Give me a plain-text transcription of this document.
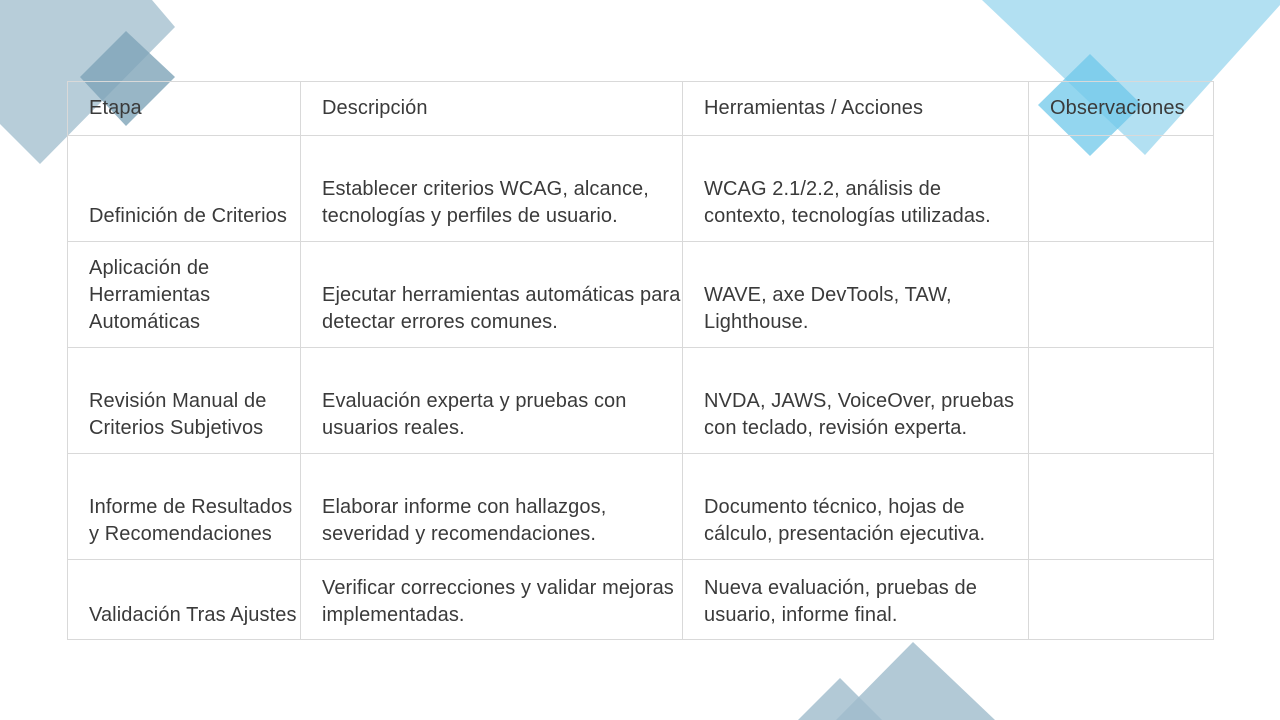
Etapa	Descripción	Herramientas / Acciones	Observaciones
Definición de Criterios	Establecer criterios WCAG, alcance, tecnologías y perfiles de usuario.	WCAG 2.1/2.2, análisis de contexto, tecnologías utilizadas.	
Aplicación de Herramientas Automáticas	Ejecutar herramientas automáticas para detectar errores comunes.	WAVE, axe DevTools, TAW, Lighthouse.	
Revisión Manual de Criterios Subjetivos	Evaluación experta y pruebas con usuarios reales.	NVDA, JAWS, VoiceOver, pruebas con teclado, revisión experta.	
Informe de Resultados y Recomendaciones	Elaborar informe con hallazgos, severidad y recomendaciones.	Documento técnico, hojas de cálculo, presentación ejecutiva.	
Validación Tras Ajustes	Verificar correcciones y validar mejoras implementadas.	Nueva evaluación, pruebas de usuario, informe final.	
